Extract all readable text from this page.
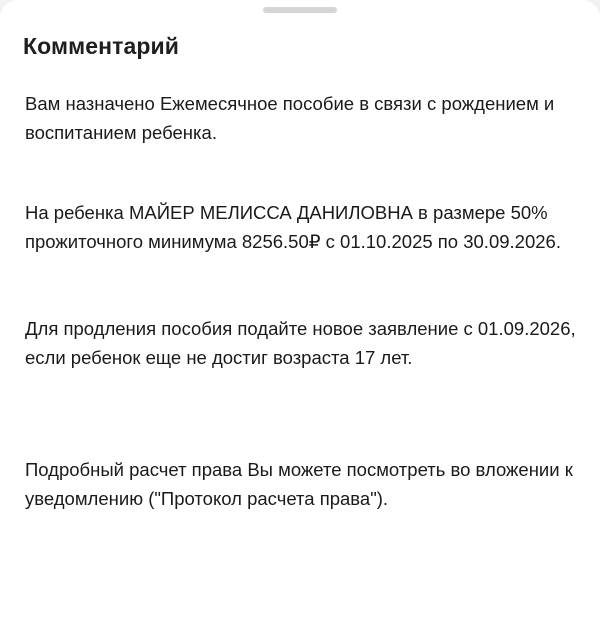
Комментарий
Вам назначено Ежемесячное пособие в связи с рождением и воспитанием ребенка.
На ребенка МАЙЕР МЕЛИССА ДАНИЛОВНА в размере 50% прожиточного минимума 8256.50₽ с 01.10.2025 по 30.09.2026.
Для продления пособия подайте новое заявление с 01.09.2026, если ребенок еще не достиг возраста 17 лет.
Подробный расчет права Вы можете посмотреть во вложении к уведомлению ("Протокол расчета права").
